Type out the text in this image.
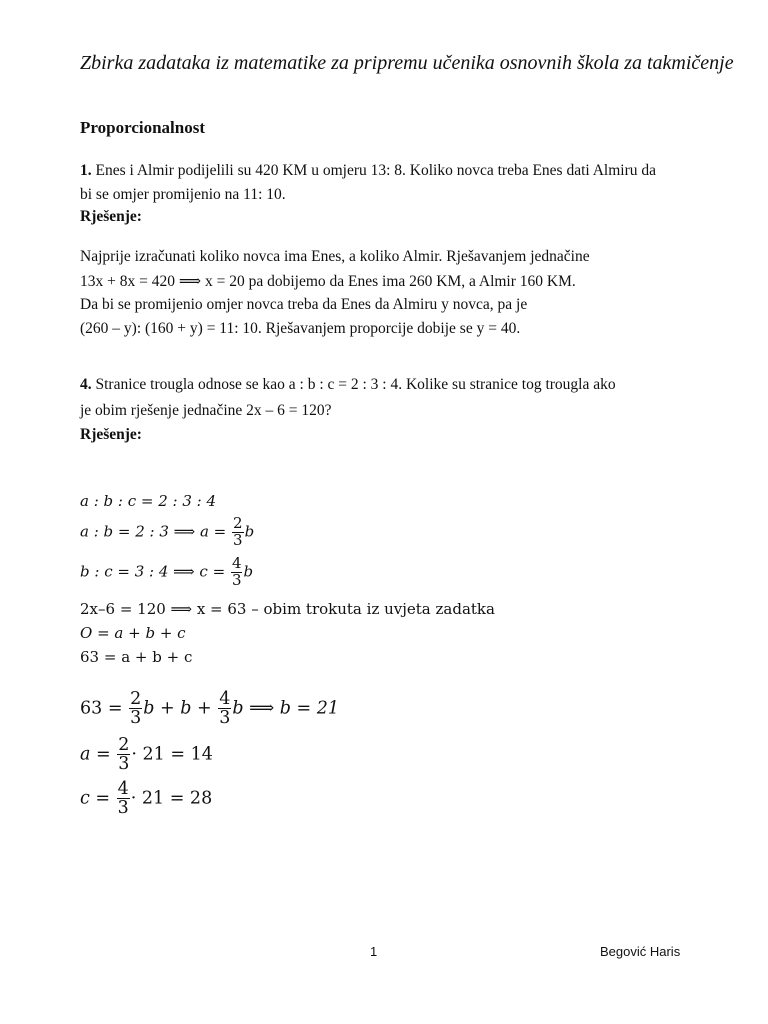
Zbirka zadataka iz matematike za pripremu učenika osnovnih škola za takmičenje
Proporcionalnost
1. Enes i Almir podijelili su 420 KM u omjeru 13: 8. Koliko novca treba Enes dati Almiru da
bi se omjer promijenio na 11: 10.
Rješenje:
Najprije izračunati koliko novca ima Enes, a koliko Almir. Rješavanjem jednačine
13x + 8x = 420 ⟹ x = 20 pa dobijemo da Enes ima 260 KM, a Almir 160 KM.
Da bi se promijenio omjer novca treba da Enes da Almiru y novca, pa je
(260 – y): (160 + y) = 11: 10. Rješavanjem proporcije dobije se y = 40.
4. Stranice trougla odnose se kao a : b : c = 2 : 3 : 4. Kolike su stranice tog trougla ako
je obim rješenje jednačine 2x – 6 = 120?
Rješenje:
a : b : c = 2 : 3 : 4
a : b = 2 : 3 ⟹ $a = \frac{2}{3}$ b
b : c = 3 : 4 ⟹ $c = \frac{4}{3}$ b
2x–6 = 120 ⟹ x = 63 – obim trokuta iz uvjeta zadatka
O = a + b + c
63 = a + b + c
$63 = \frac{2}{3}$ $b + b + \frac{4}{3}$ b ⟹ b = 21
$a = \frac{2}{3} \cdot 21 = 14$
$c = \frac{4}{3} \cdot 21 = 28$
1	Begović Haris
